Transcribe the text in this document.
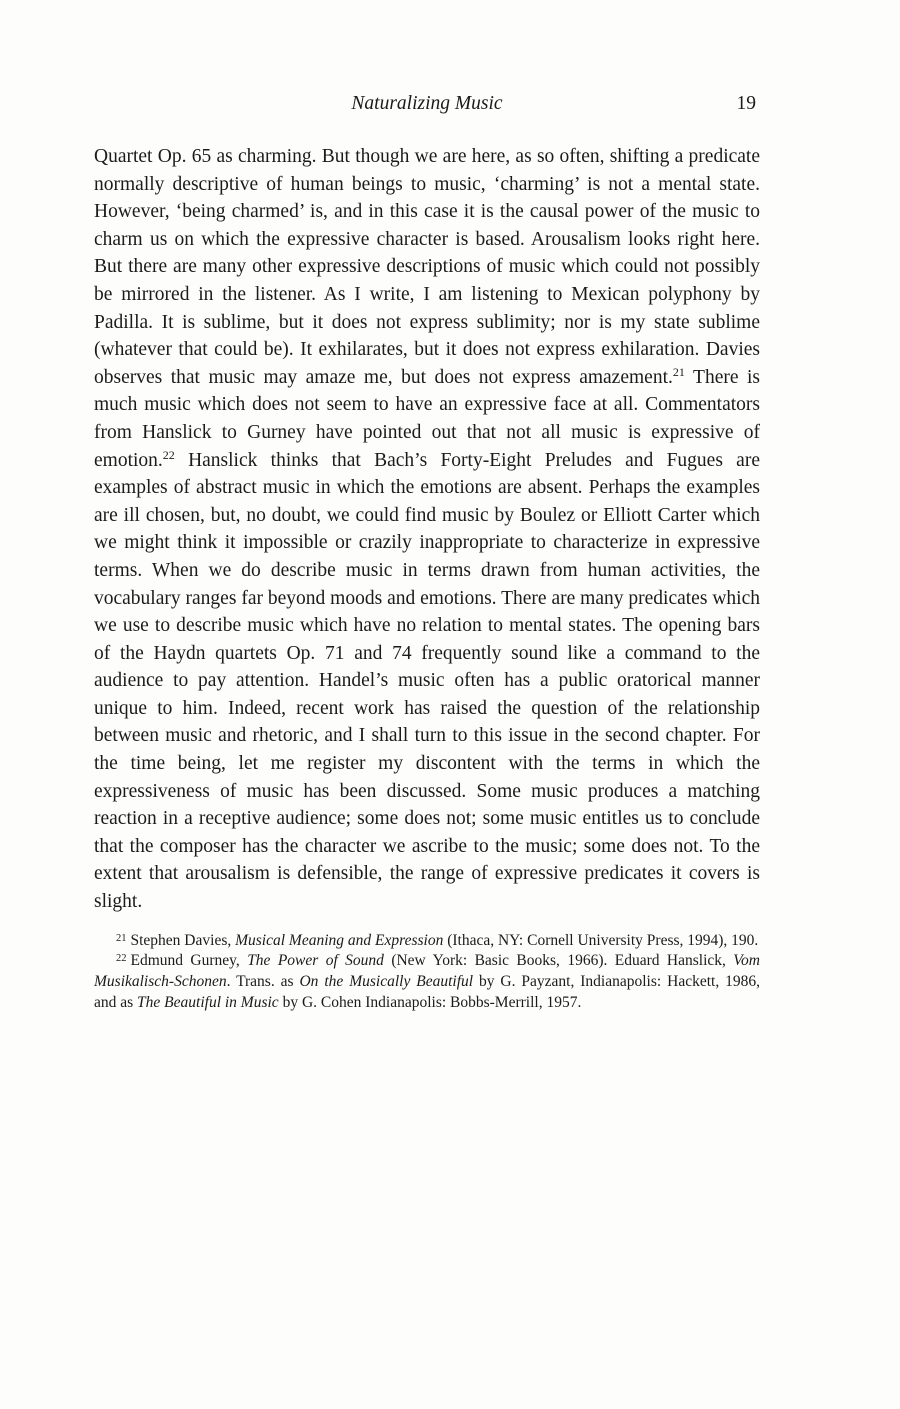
Naturalizing Music	19

Quartet Op. 65 as charming. But though we are here, as so often, shifting a predicate normally descriptive of human beings to music, ‘charming’ is not a mental state. However, ‘being charmed’ is, and in this case it is the causal power of the music to charm us on which the expressive character is based. Arousalism looks right here. But there are many other expressive descriptions of music which could not possibly be mirrored in the listener. As I write, I am listening to Mexican polyphony by Padilla. It is sublime, but it does not express sublimity; nor is my state sublime (whatever that could be). It exhilarates, but it does not express exhilaration. Davies observes that music may amaze me, but does not express amazement.$^{21}$ There is much music which does not seem to have an expressive face at all. Commentators from Hanslick to Gurney have pointed out that not all music is expressive of emotion.$^{22}$ Hanslick thinks that Bach’s Forty-Eight Preludes and Fugues are examples of abstract music in which the emotions are absent. Perhaps the examples are ill chosen, but, no doubt, we could find music by Boulez or Elliott Carter which we might think it impossible or crazily inappropriate to characterize in expressive terms. When we do describe music in terms drawn from human activities, the vocabulary ranges far beyond moods and emotions. There are many predicates which we use to describe music which have no relation to mental states. The opening bars of the Haydn quartets Op. 71 and 74 frequently sound like a command to the audience to pay attention. Handel’s music often has a public oratorical manner unique to him. Indeed, recent work has raised the question of the relationship between music and rhetoric, and I shall turn to this issue in the second chapter. For the time being, let me register my discontent with the terms in which the expressiveness of music has been discussed. Some music produces a matching reaction in a receptive audience; some does not; some music entitles us to conclude that the composer has the character we ascribe to the music; some does not. To the extent that arousalism is defensible, the range of expressive predicates it covers is slight.

$^{21}$ Stephen Davies, Musical Meaning and Expression (Ithaca, NY: Cornell University Press, 1994), 190.

$^{22}$ Edmund Gurney, The Power of Sound (New York: Basic Books, 1966). Eduard Hanslick, Vom Musikalisch-Schonen. Trans. as On the Musically Beautiful by G. Payzant, Indianapolis: Hackett, 1986, and as The Beautiful in Music by G. Cohen Indianapolis: Bobbs-Merrill, 1957.
